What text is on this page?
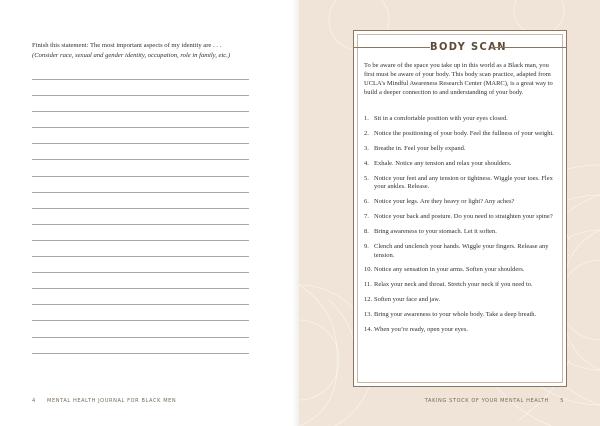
Finish this statement: The most important aspects of my identity are . . .
(Consider race, sexual and gender identity, occupation, role in family, etc.)
4 MENTAL HEALTH JOURNAL FOR BLACK MEN
BODY SCAN
To be aware of the space you take up in this world as a Black man, you first must be aware of your body. This body scan practice, adapted from UCLA’s Mindful Awareness Research Center (MARC), is a great way to build a deeper connection to and understanding of your body.
1. Sit in a comfortable position with your eyes closed.
2. Notice the positioning of your body. Feel the fullness of your weight.
3. Breathe in. Feel your belly expand.
4. Exhale. Notice any tension and relax your shoulders.
5. Notice your feet and any tension or tightness. Wiggle your toes. Flex your ankles. Release.
6. Notice your legs. Are they heavy or light? Any aches?
7. Notice your back and posture. Do you need to straighten your spine?
8. Bring awareness to your stomach. Let it soften.
9. Clench and unclench your hands. Wiggle your fingers. Release any tension.
10. Notice any sensation in your arms. Soften your shoulders.
11. Relax your neck and throat. Stretch your neck if you need to.
12. Soften your face and jaw.
13. Bring your awareness to your whole body. Take a deep breath.
14. When you’re ready, open your eyes.
TAKING STOCK OF YOUR MENTAL HEALTH 5
